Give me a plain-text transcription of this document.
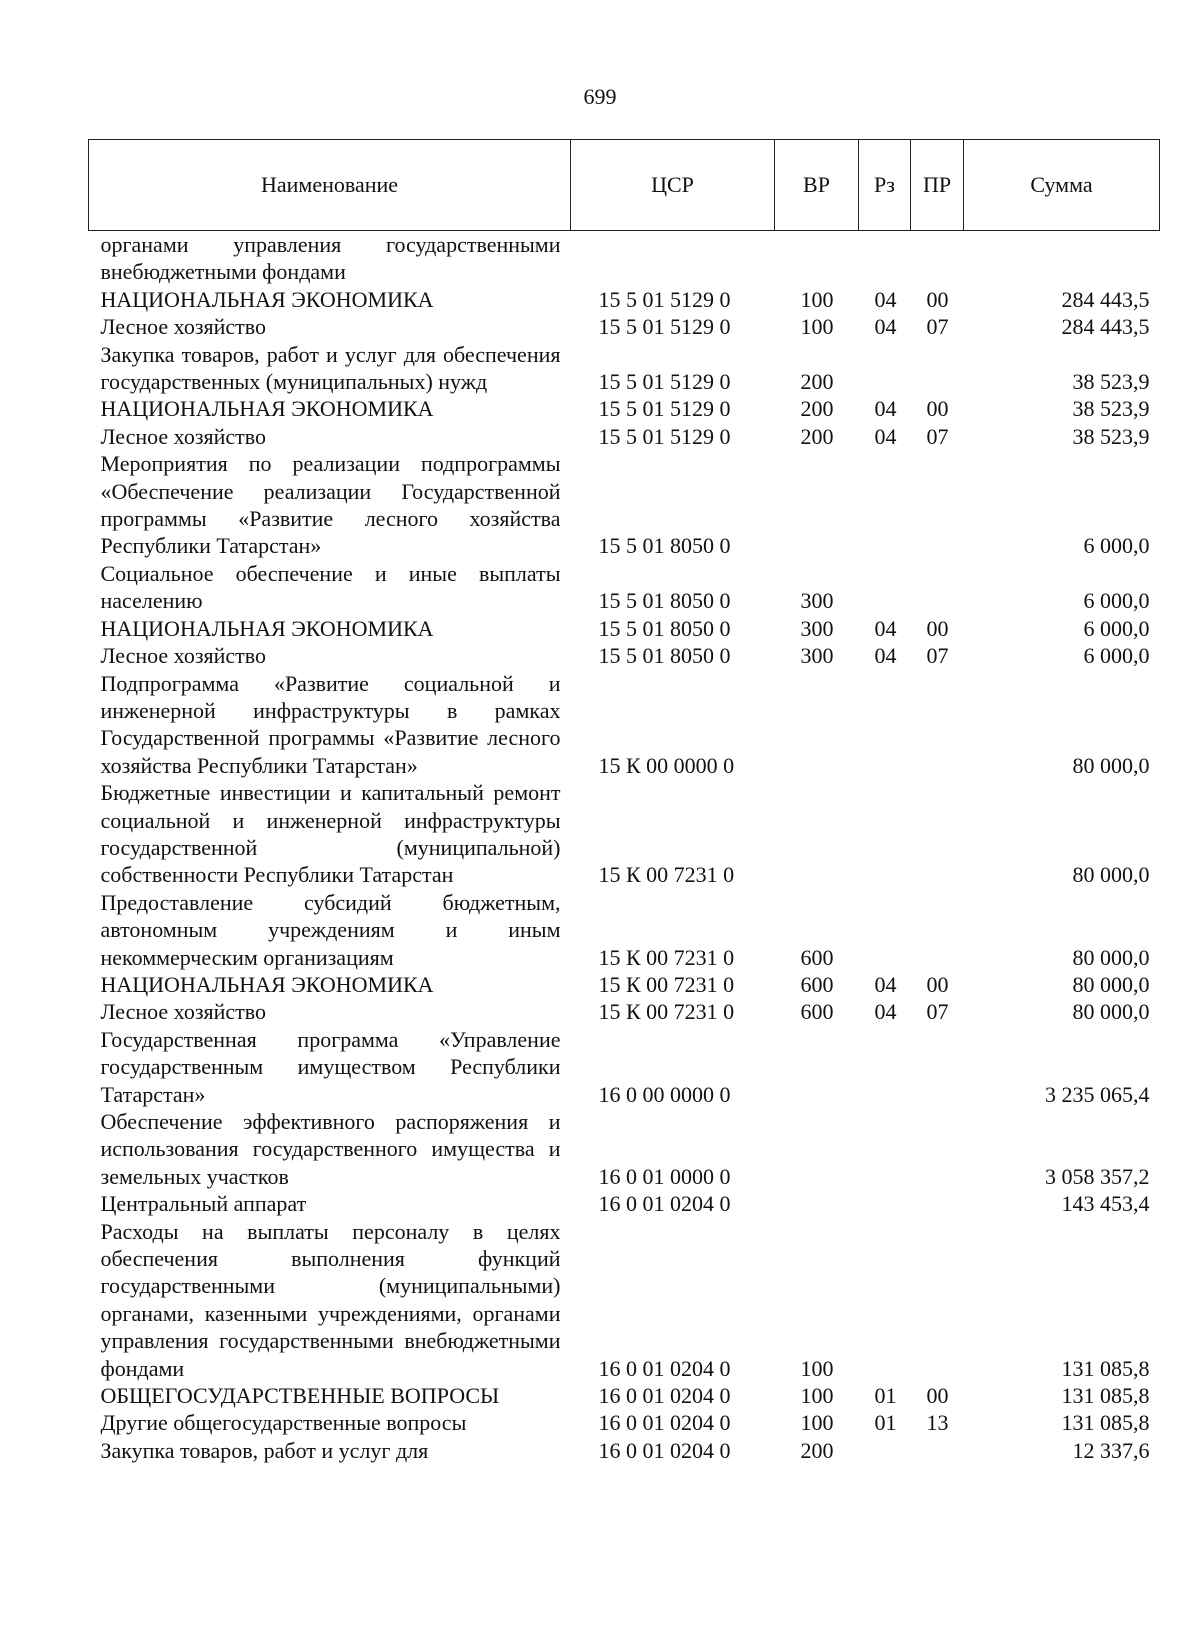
699
Наименование	ЦСР	ВР	Рз	ПР	Сумма
органами управления государственными внебюджетными фондами					
НАЦИОНАЛЬНАЯ ЭКОНОМИКА	15 5 01 5129 0	100	04	00	284 443,5
Лесное хозяйство	15 5 01 5129 0	100	04	07	284 443,5
Закупка товаров, работ и услуг для обеспечения государственных (муниципальных) нужд	15 5 01 5129 0	200			38 523,9
НАЦИОНАЛЬНАЯ ЭКОНОМИКА	15 5 01 5129 0	200	04	00	38 523,9
Лесное хозяйство	15 5 01 5129 0	200	04	07	38 523,9
Мероприятия по реализации подпрограммы «Обеспечение реализации Государственной программы «Развитие лесного хозяйства Республики Татарстан»	15 5 01 8050 0				6 000,0
Социальное обеспечение и иные выплаты населению	15 5 01 8050 0	300			6 000,0
НАЦИОНАЛЬНАЯ ЭКОНОМИКА	15 5 01 8050 0	300	04	00	6 000,0
Лесное хозяйство	15 5 01 8050 0	300	04	07	6 000,0
Подпрограмма «Развитие социальной и инженерной инфраструктуры в рамках Государственной программы «Развитие лесного хозяйства Республики Татарстан»	15 К 00 0000 0				80 000,0
Бюджетные инвестиции и капитальный ремонт социальной и инженерной инфраструктуры государственной (муниципальной) собственности Республики Татарстан	15 К 00 7231 0				80 000,0
Предоставление субсидий бюджетным, автономным учреждениям и иным некоммерческим организациям	15 К 00 7231 0	600			80 000,0
НАЦИОНАЛЬНАЯ ЭКОНОМИКА	15 К 00 7231 0	600	04	00	80 000,0
Лесное хозяйство	15 К 00 7231 0	600	04	07	80 000,0
Государственная программа «Управление государственным имуществом Республики Татарстан»	16 0 00 0000 0				3 235 065,4
Обеспечение эффективного распоряжения и использования государственного имущества и земельных участков	16 0 01 0000 0				3 058 357,2
Центральный аппарат	16 0 01 0204 0				143 453,4
Расходы на выплаты персоналу в целях обеспечения выполнения функций государственными (муниципальными) органами, казенными учреждениями, органами управления государственными внебюджетными фондами	16 0 01 0204 0	100			131 085,8
ОБЩЕГОСУДАРСТВЕННЫЕ ВОПРОСЫ	16 0 01 0204 0	100	01	00	131 085,8
Другие общегосударственные вопросы	16 0 01 0204 0	100	01	13	131 085,8
Закупка товаров, работ и услуг для	16 0 01 0204 0	200			12 337,6
